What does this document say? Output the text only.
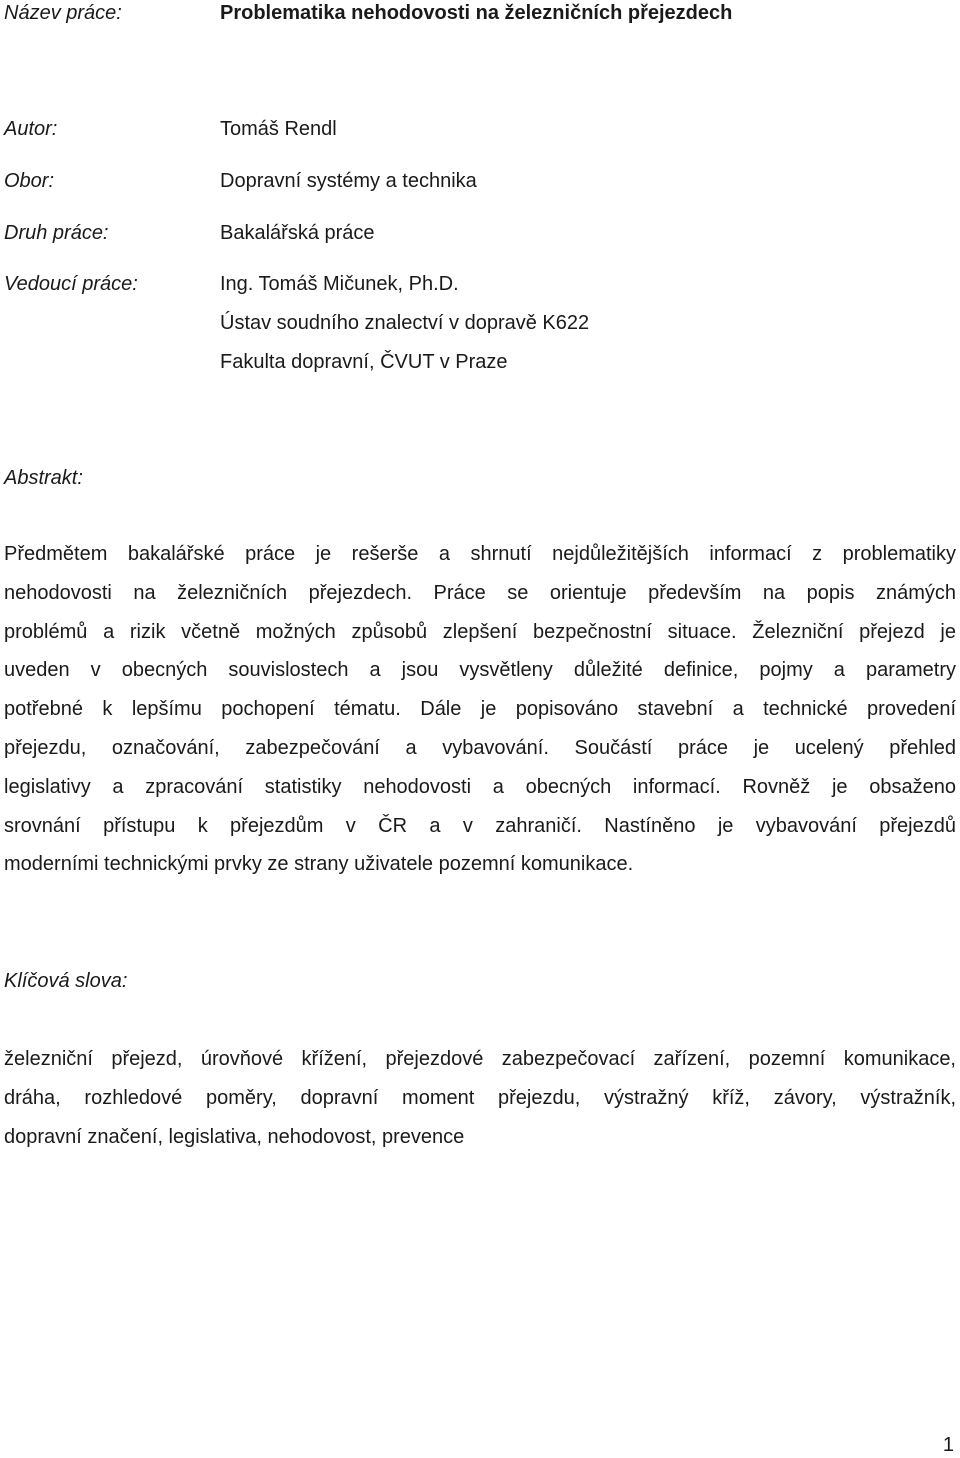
Název práce:	Problematika nehodovosti na železničních přejezdech
Autor:	Tomáš Rendl
Obor:	Dopravní systémy a technika
Druh práce:	Bakalářská práce
Vedoucí práce:	Ing. Tomáš Mičunek, Ph.D.
Ústav soudního znalectví v dopravě K622
Fakulta dopravní, ČVUT v Praze
Abstrakt:
Předmětem bakalářské práce je rešerše a shrnutí nejdůležitějších informací z problematiky
nehodovosti na železničních přejezdech. Práce se orientuje především na popis známých
problémů a rizik včetně možných způsobů zlepšení bezpečnostní situace. Železniční přejezd je
uveden v obecných souvislostech a jsou vysvětleny důležité definice, pojmy a parametry
potřebné k lepšímu pochopení tématu. Dále je popisováno stavební a technické provedení
přejezdu, označování, zabezpečování a vybavování. Součástí práce je ucelený přehled
legislativy a zpracování statistiky nehodovosti a obecných informací. Rovněž je obsaženo
srovnání přístupu k přejezdům v ČR a v zahraničí. Nastíněno je vybavování přejezdů
moderními technickými prvky ze strany uživatele pozemní komunikace.
Klíčová slova:
železniční přejezd, úrovňové křížení, přejezdové zabezpečovací zařízení, pozemní komunikace,
dráha, rozhledové poměry, dopravní moment přejezdu, výstražný kříž, závory, výstražník,
dopravní značení, legislativa, nehodovost, prevence
1
